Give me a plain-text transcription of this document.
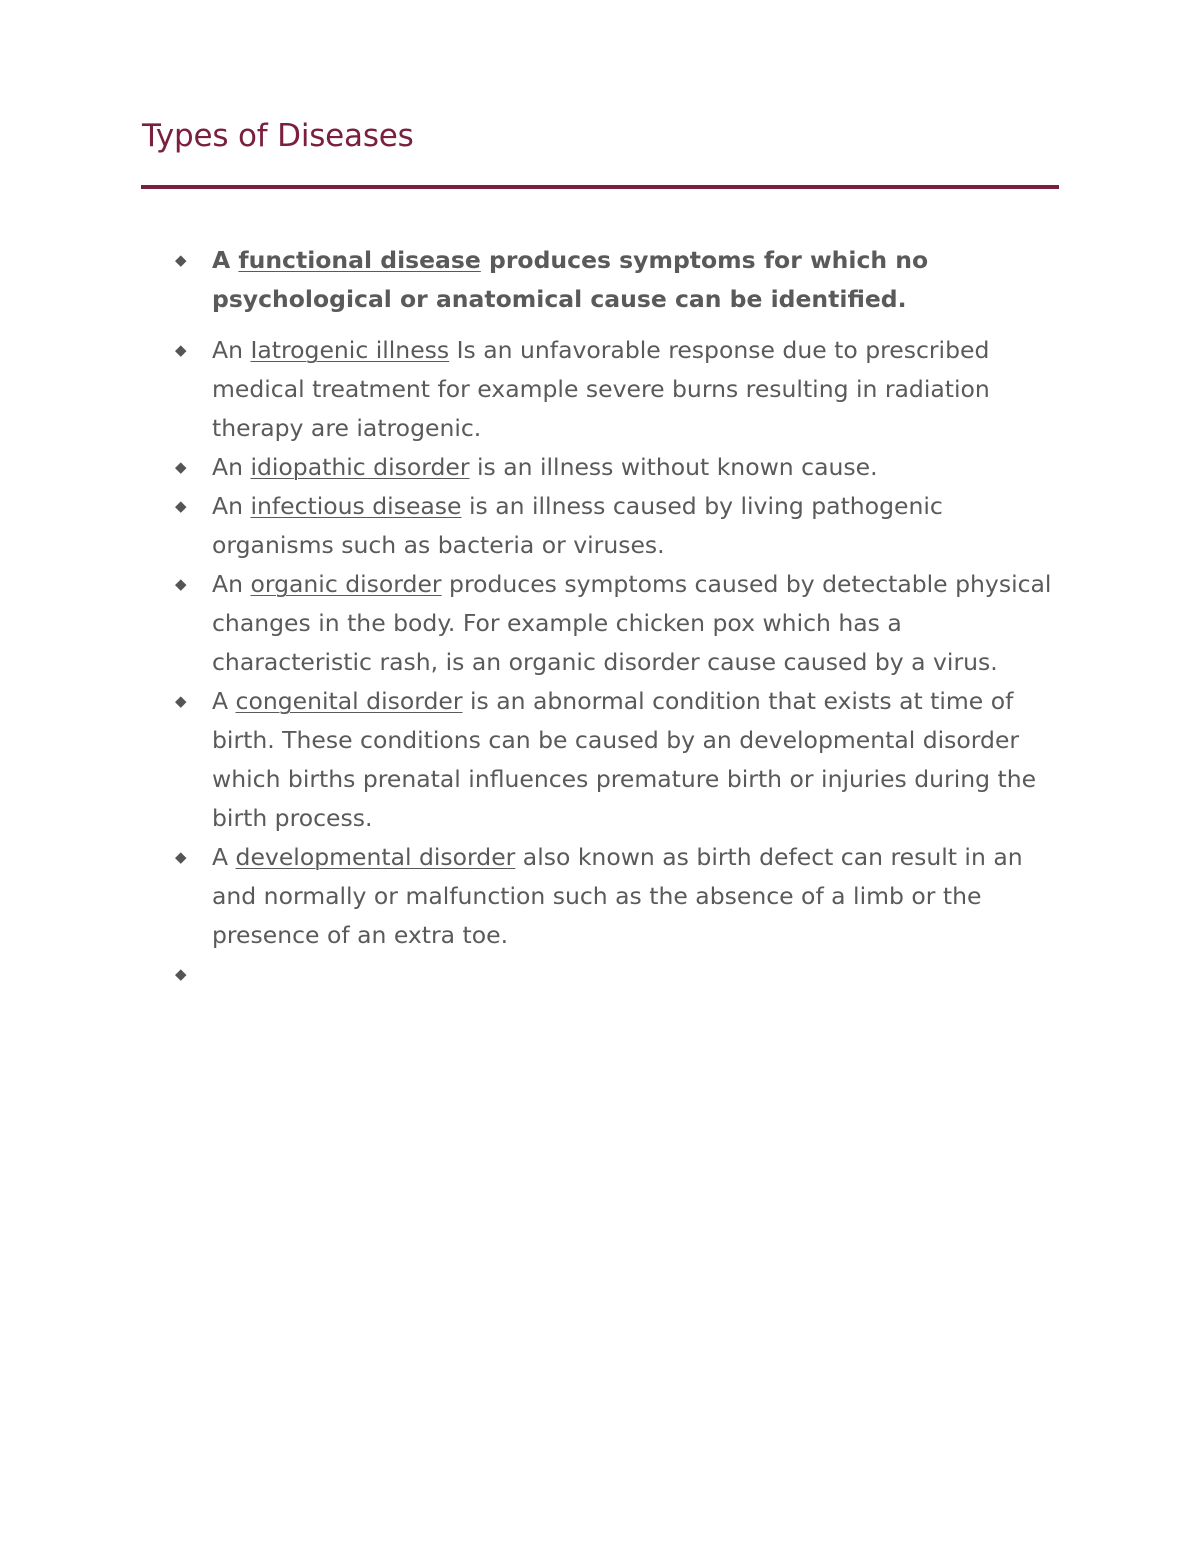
Types of Diseases
◆ A functional disease produces symptoms for which no psychological or anatomical cause can be identified.
◆ An Iatrogenic illness Is an unfavorable response due to prescribed medical treatment for example severe burns resulting in radiation therapy are iatrogenic.
◆ An idiopathic disorder is an illness without known cause.
◆ An infectious disease is an illness caused by living pathogenic organisms such as bacteria or viruses.
◆ An organic disorder produces symptoms caused by detectable physical changes in the body. For example chicken pox which has a characteristic rash, is an organic disorder cause caused by a virus.
◆ A congenital disorder is an abnormal condition that exists at time of birth. These conditions can be caused by an developmental disorder which births prenatal influences premature birth or injuries during the birth process.
◆ A developmental disorder also known as birth defect can result in an and normally or malfunction such as the absence of a limb or the presence of an extra toe.
◆
